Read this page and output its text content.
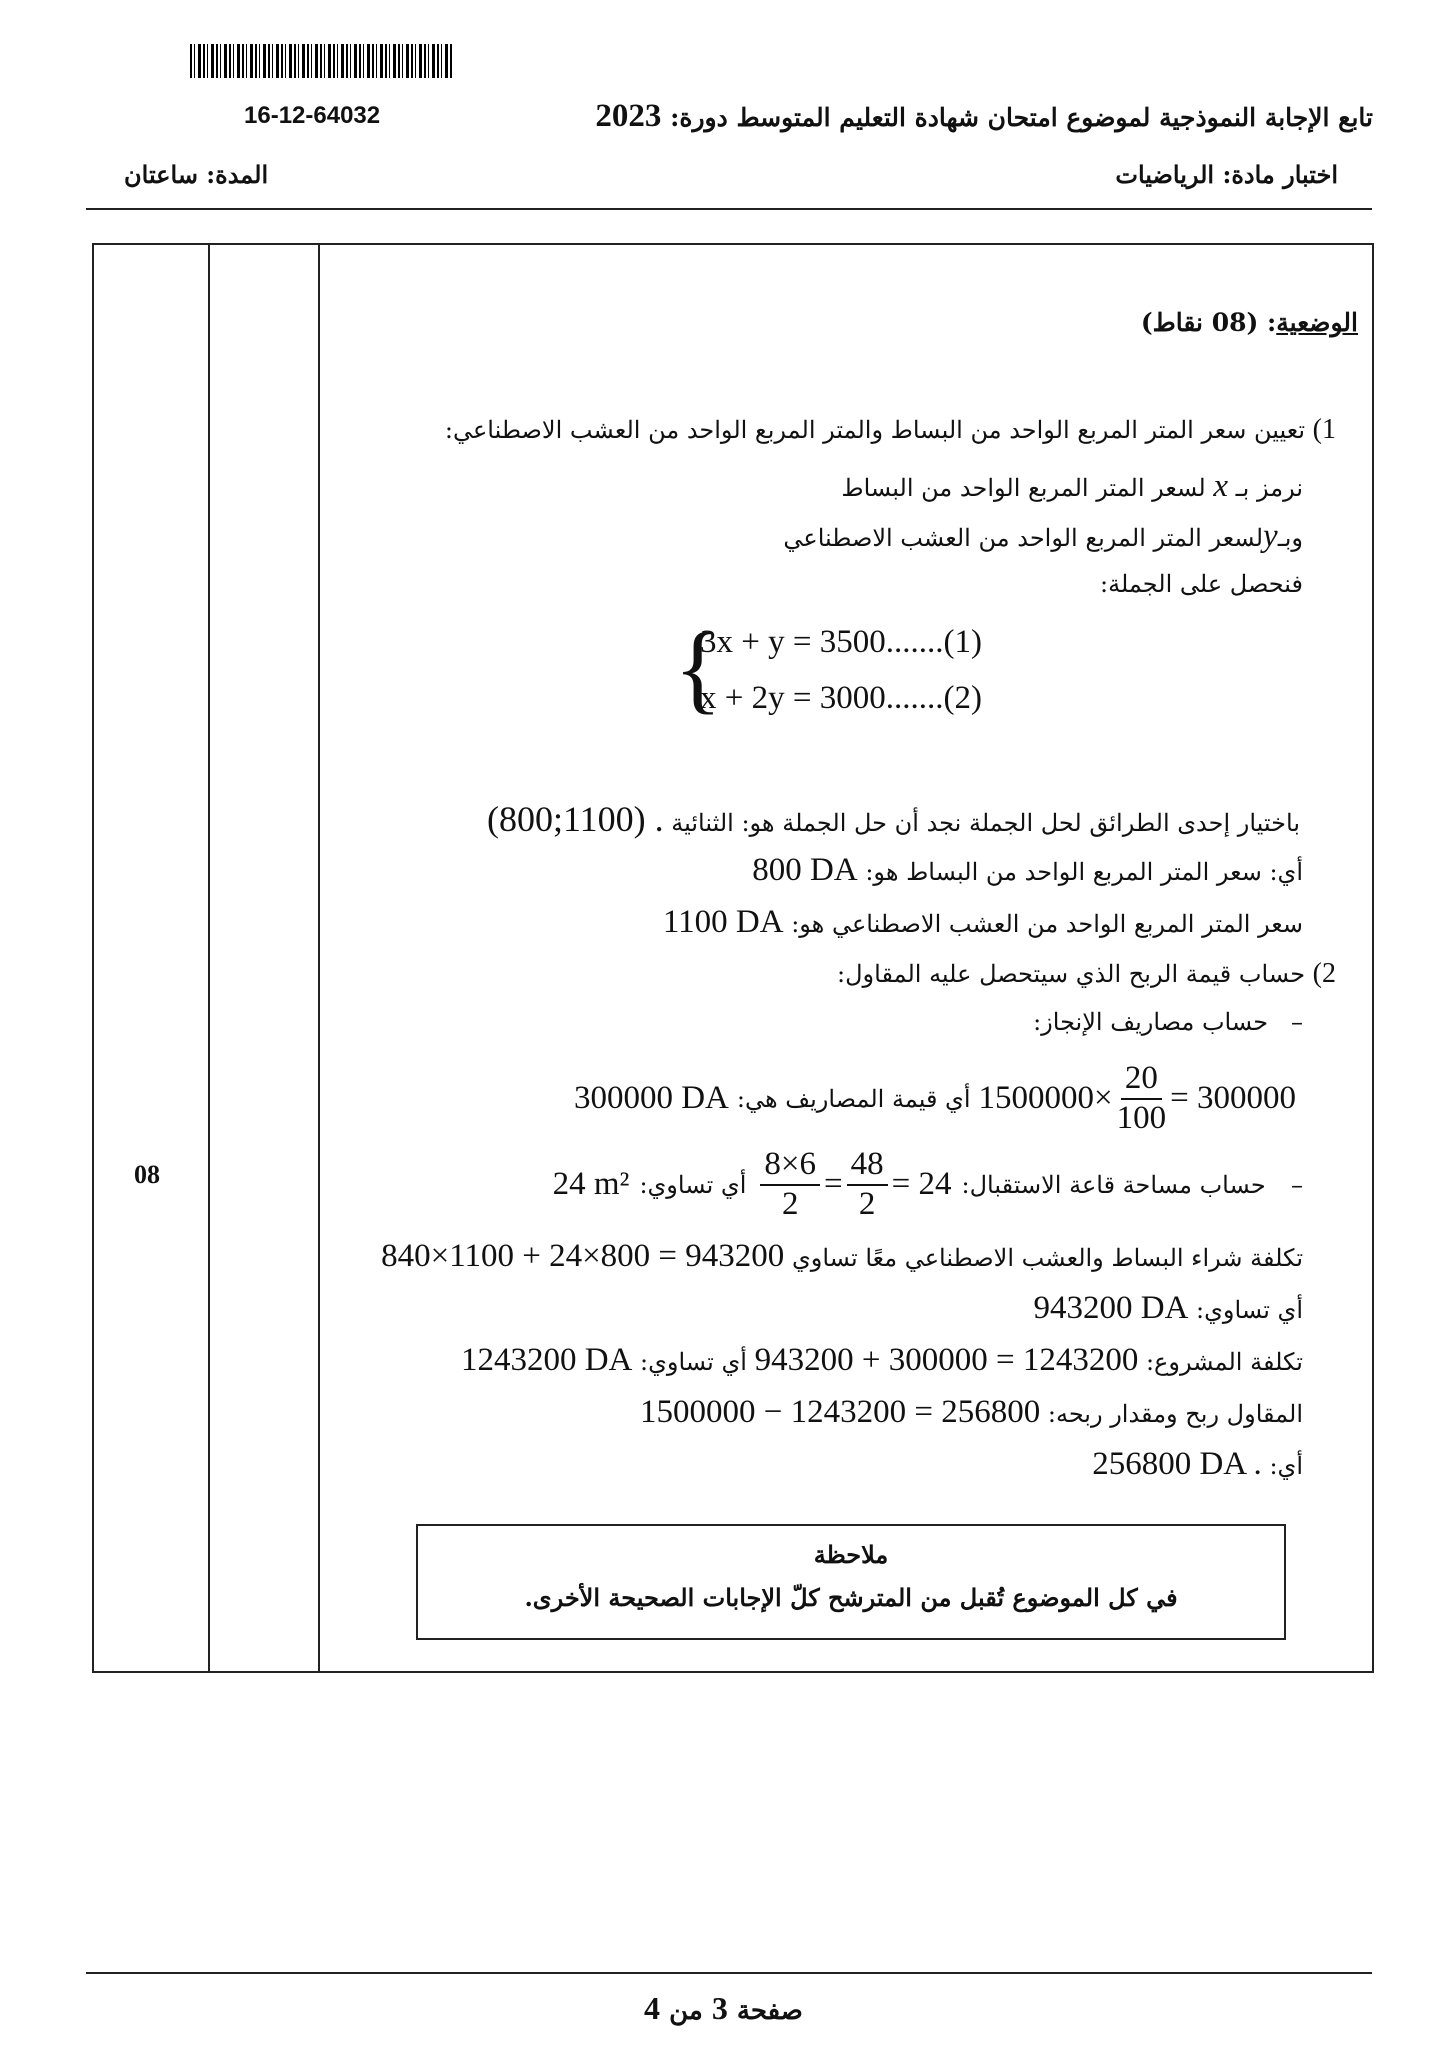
16-12-64032	تابع الإجابة النموذجية لموضوع امتحان شهادة التعليم المتوسط دورة: 2023
اختبار مادة: الرياضيات
المدة: ساعتان
08
الوضعية: (08 نقاط)
1) تعيين سعر المتر المربع الواحد من البساط والمتر المربع الواحد من العشب الاصطناعي:
نرمز بـ x لسعر المتر المربع الواحد من البساط
وبـyلسعر المتر المربع الواحد من العشب الاصطناعي
فنحصل على الجملة:
{
3x + y = 3500.......(1)
x + 2y = 3000.......(2)
باختيار إحدى الطرائق لحل الجملة نجد أن حل الجملة هو: الثنائية (800;1100) .
أي: سعر المتر المربع الواحد من البساط هو: 800 DA
سعر المتر المربع الواحد من العشب الاصطناعي هو: 1100 DA
2) حساب قيمة الربح الذي سيتحصل عليه المقاول:
–   حساب مصاريف الإنجاز:
$1500000\times \frac{20}{100} = 300000$
أي قيمة المصاريف هي:
300000 DA
–
حساب مساحة قاعة الاستقبال:
$\frac{8\times 6}{2} = \frac{48}{2} = 24$
أي تساوي:
24 m²
تكلفة شراء البساط والعشب الاصطناعي معًا تساوي 840×1100 + 24×800 = 943200
أي تساوي: 943200 DA
تكلفة المشروع: 943200 + 300000 = 1243200 أي تساوي: 1243200 DA
المقاول ربح ومقدار ربحه: 1500000 − 1243200 = 256800
أي: 256800 DA .
ملاحظة
في كل الموضوع تُقبل من المترشح كلّ الإجابات الصحيحة الأخرى.
صفحة 3 من 4
